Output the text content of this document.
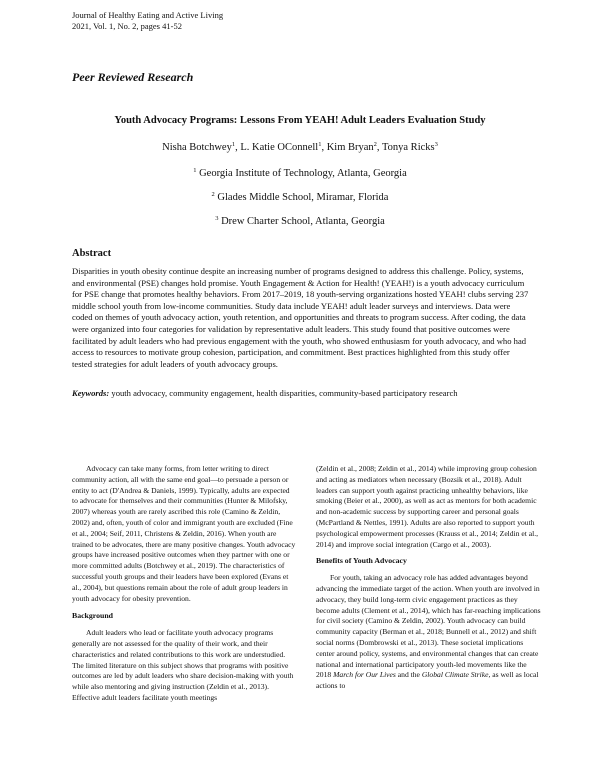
Journal of Healthy Eating and Active Living
2021, Vol. 1, No. 2, pages 41-52
Peer Reviewed Research
Youth Advocacy Programs: Lessons From YEAH! Adult Leaders Evaluation Study
Nisha Botchwey$^1$, L. Katie OConnell$^1$, Kim Bryan$^2$, Tonya Ricks$^3$
$^1$ Georgia Institute of Technology, Atlanta, Georgia
$^2$ Glades Middle School, Miramar, Florida
$^3$ Drew Charter School, Atlanta, Georgia
Abstract

Disparities in youth obesity continue despite an increasing number of programs designed to address this challenge. Policy, systems, and environmental (PSE) changes hold promise. Youth Engagement & Action for Health! (YEAH!) is a youth advocacy curriculum for PSE change that promotes healthy behaviors. From 2017–2019, 18 youth-serving organizations hosted YEAH! clubs serving 237 middle school youth from low-income communities. Study data include YEAH! adult leader surveys and interviews. Data were coded on themes of youth advocacy action, youth retention, and opportunities and threats to program success. After coding, the data were organized into four categories for validation by representative adult leaders. This study found that positive outcomes were facilitated by adult leaders who had previous engagement with the youth, who showed enthusiasm for youth advocacy, and who had access to resources to motivate group cohesion, participation, and commitment. Best practices highlighted from this study offer tested strategies for adult leaders of youth advocacy groups.

Keywords: youth advocacy, community engagement, health disparities, community-based participatory research

Advocacy can take many forms, from letter writing to direct community action, all with the same end goal—to persuade a person or entity to act (D'Andrea & Daniels, 1999). Typically, adults are expected to advocate for themselves and their communities (Hunter & Milofsky, 2007) whereas youth are rarely ascribed this role (Camino & Zeldin, 2002) and, often, youth of color and immigrant youth are excluded (Fine et al., 2004; Seif, 2011, Christens & Zeldin, 2016). When youth are trained to be advocates, there are many positive changes. Youth advocacy groups have increased positive outcomes when they partner with one or more committed adults (Botchwey et al., 2019). The characteristics of successful youth groups and their leaders have been explored (Evans et al., 2004), but questions remain about the role of adult group leaders in youth advocacy for obesity prevention.

Background

Adult leaders who lead or facilitate youth advocacy programs generally are not assessed for the quality of their work, and their characteristics and related contributions to this work are understudied. The limited literature on this subject shows that programs with positive outcomes are led by adult leaders who share decision-making with youth while also mentoring and giving instruction (Zeldin et al., 2013). Effective adult leaders facilitate youth meetings

(Zeldin et al., 2008; Zeldin et al., 2014) while improving group cohesion and acting as mediators when necessary (Bozsik et al., 2018). Adult leaders can support youth against practicing unhealthy behaviors, like smoking (Beier et al., 2000), as well as act as mentors for both academic and non-academic success by supporting career and personal goals (McPartland & Nettles, 1991). Adults are also reported to support youth psychological empowerment processes (Krauss et al., 2014; Zeldin et al., 2014) and improve social integration (Cargo et al., 2003).

Benefits of Youth Advocacy

For youth, taking an advocacy role has added advantages beyond advancing the immediate target of the action. When youth are involved in advocacy, they build long-term civic engagement practices as they become adults (Clement et al., 2014), which has far-reaching implications for civil society (Camino & Zeldin, 2002). Youth advocacy can build community capacity (Berman et al., 2018; Bunnell et al., 2012) and shift social norms (Dombrowski et al., 2013). These societal implications center around policy, systems, and environmental changes that can create national and international participatory youth-led movements like the 2018 March for Our Lives and the Global Climate Strike, as well as local actions to
